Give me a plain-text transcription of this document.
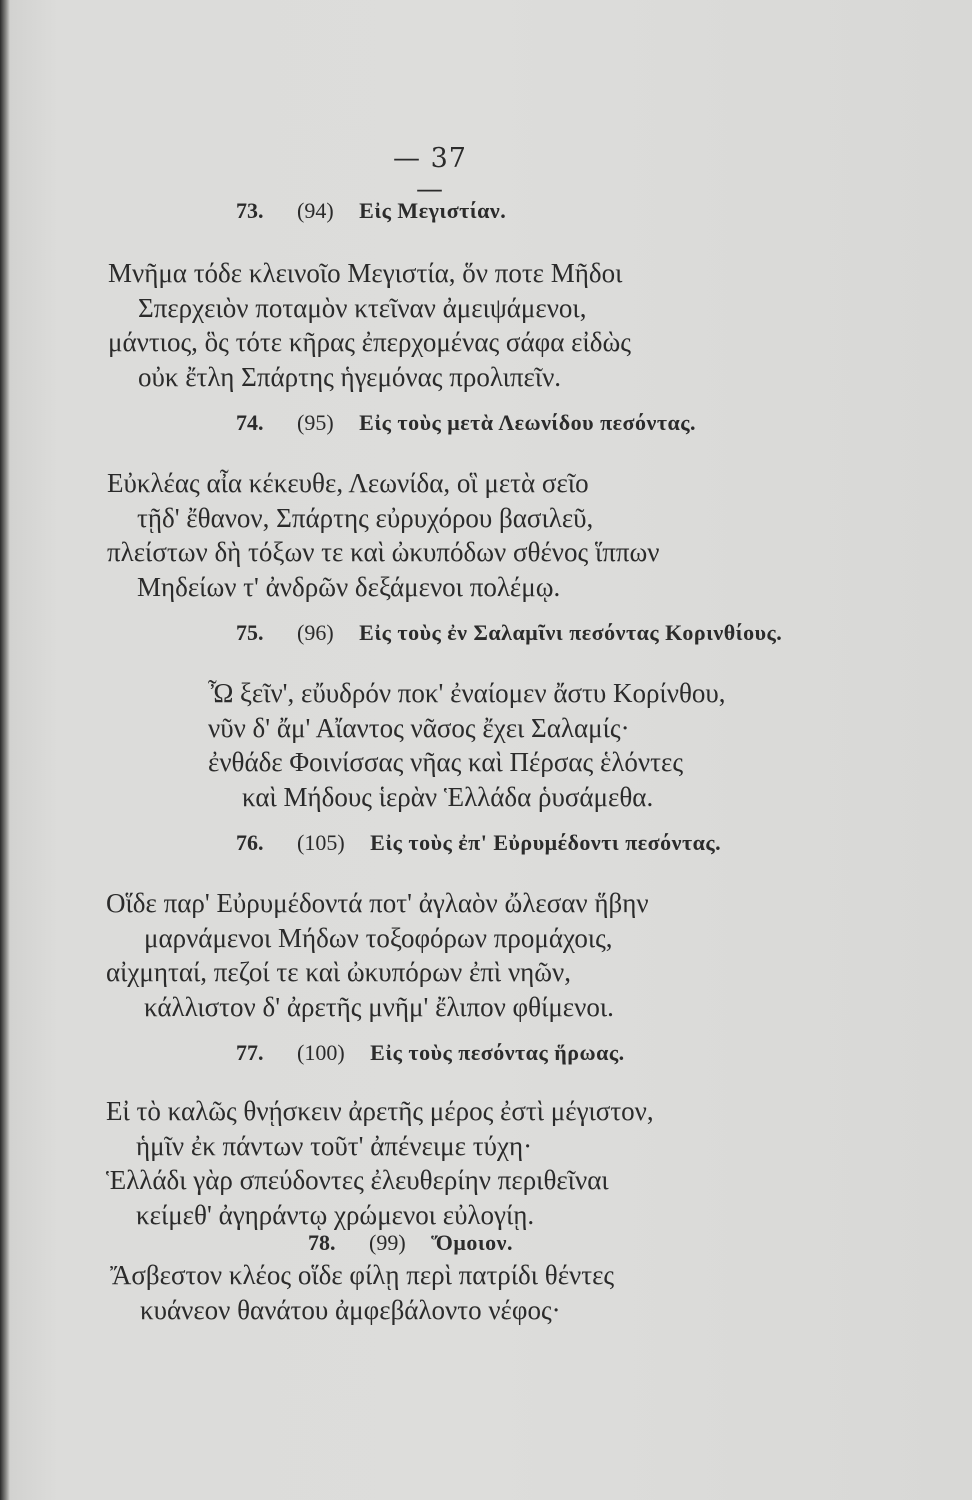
— 37 —
73. (94) Εἰς Μεγιστίαν.
Μνῆμα τόδε κλεινοῖο Μεγιστία, ὅν ποτε Μῆδοι
Σπερχειὸν ποταμὸν κτεῖναν ἀμειψάμενοι,
μάντιος, ὃς τότε κῆρας ἐπερχομένας σάφα εἰδὼς
οὐκ ἔτλη Σπάρτης ἡγεμόνας προλιπεῖν.
74. (95) Εἰς τοὺς μετὰ Λεωνίδου πεσόντας.
Εὐκλέας αἶα κέκευθε, Λεωνίδα, οἳ μετὰ σεῖο
τῇδ' ἔθανον, Σπάρτης εὐρυχόρου βασιλεῦ,
πλείστων δὴ τόξων τε καὶ ὠκυπόδων σθένος ἵππων
Μηδείων τ' ἀνδρῶν δεξάμενοι πολέμῳ.
75. (96) Εἰς τοὺς ἐν Σαλαμῖνι πεσόντας Κορινθίους.
Ὦ ξεῖν', εὔυδρόν ποκ' ἐναίομεν ἄστυ Κορίνθου,
νῦν δ' ἄμ' Αἴαντος νᾶσος ἔχει Σαλαμίς·
ἐνθάδε Φοινίσσας νῆας καὶ Πέρσας ἑλόντες
καὶ Μήδους ἱερὰν Ἑλλάδα ῥυσάμεθα.
76. (105) Εἰς τοὺς ἐπ' Εὐρυμέδοντι πεσόντας.
Οἵδε παρ' Εὐρυμέδοντά ποτ' ἀγλαὸν ὤλεσαν ἥβην
μαρνάμενοι Μήδων τοξοφόρων προμάχοις,
αἰχμηταί, πεζοί τε καὶ ὠκυπόρων ἐπὶ νηῶν,
κάλλιστον δ' ἀρετῆς μνῆμ' ἔλιπον φθίμενοι.
77. (100) Εἰς τοὺς πεσόντας ἥρωας.
Εἰ τὸ καλῶς θνῄσκειν ἀρετῆς μέρος ἐστὶ μέγιστον,
ἡμῖν ἐκ πάντων τοῦτ' ἀπένειμε τύχη·
Ἑλλάδι γὰρ σπεύδοντες ἐλευθερίην περιθεῖναι
κείμεθ' ἀγηράντῳ χρώμενοι εὐλογίῃ.
78. (99) Ὅμοιον.
Ἄσβεστον κλέος οἵδε φίλῃ περὶ πατρίδι θέντες
κυάνεον θανάτου ἀμφεβάλοντο νέφος·
